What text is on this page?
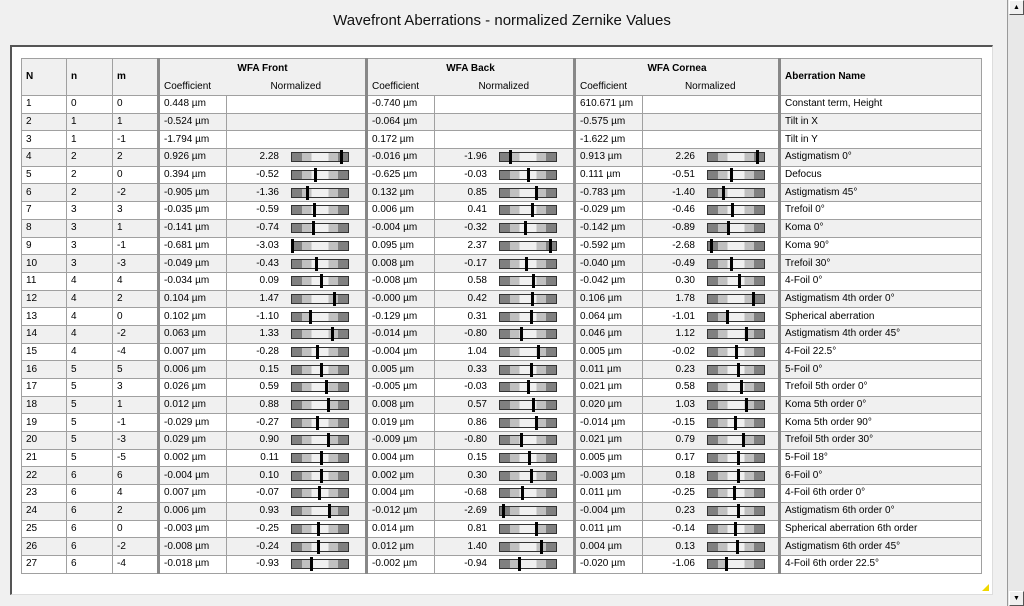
Wavefront Aberrations - normalized Zernike Values
N	n	m	WFA Front		WFA Back		WFA Cornea		Aberration Name
			Coefficient	Normalized	Coefficient	Normalized	Coefficient	Normalized	
1	0	0	0.448 µm		-0.740 µm		610.671 µm		Constant term, Height
2	1	1	-0.524 µm		-0.064 µm		-0.575 µm		Tilt in X
3	1	-1	-1.794 µm		0.172 µm		-1.622 µm		Tilt in Y
4	2	2	0.926 µm	2.28	-0.016 µm	-1.96	0.913 µm	2.26	Astigmatism 0°
5	2	0	0.394 µm	-0.52	-0.625 µm	-0.03	0.111 µm	-0.51	Defocus
6	2	-2	-0.905 µm	-1.36	0.132 µm	0.85	-0.783 µm	-1.40	Astigmatism 45°
7	3	3	-0.035 µm	-0.59	0.006 µm	0.41	-0.029 µm	-0.46	Trefoil 0°
8	3	1	-0.141 µm	-0.74	-0.004 µm	-0.32	-0.142 µm	-0.89	Koma 0°
9	3	-1	-0.681 µm	-3.03	0.095 µm	2.37	-0.592 µm	-2.68	Koma 90°
10	3	-3	-0.049 µm	-0.43	0.008 µm	-0.17	-0.040 µm	-0.49	Trefoil 30°
11	4	4	-0.034 µm	0.09	-0.008 µm	0.58	-0.042 µm	0.30	4-Foil 0°
12	4	2	0.104 µm	1.47	-0.000 µm	0.42	0.106 µm	1.78	Astigmatism 4th order 0°
13	4	0	0.102 µm	-1.10	-0.129 µm	0.31	0.064 µm	-1.01	Spherical aberration
14	4	-2	0.063 µm	1.33	-0.014 µm	-0.80	0.046 µm	1.12	Astigmatism 4th order 45°
15	4	-4	0.007 µm	-0.28	-0.004 µm	1.04	0.005 µm	-0.02	4-Foil 22.5°
16	5	5	0.006 µm	0.15	0.005 µm	0.33	0.011 µm	0.23	5-Foil 0°
17	5	3	0.026 µm	0.59	-0.005 µm	-0.03	0.021 µm	0.58	Trefoil 5th order 0°
18	5	1	0.012 µm	0.88	0.008 µm	0.57	0.020 µm	1.03	Koma 5th order 0°
19	5	-1	-0.029 µm	-0.27	0.019 µm	0.86	-0.014 µm	-0.15	Koma 5th order 90°
20	5	-3	0.029 µm	0.90	-0.009 µm	-0.80	0.021 µm	0.79	Trefoil 5th order 30°
21	5	-5	0.002 µm	0.11	0.004 µm	0.15	0.005 µm	0.17	5-Foil 18°
22	6	6	-0.004 µm	0.10	0.002 µm	0.30	-0.003 µm	0.18	6-Foil 0°
23	6	4	0.007 µm	-0.07	0.004 µm	-0.68	0.011 µm	-0.25	4-Foil 6th order 0°
24	6	2	0.006 µm	0.93	-0.012 µm	-2.69	-0.004 µm	0.23	Astigmatism 6th order 0°
25	6	0	-0.003 µm	-0.25	0.014 µm	0.81	0.011 µm	-0.14	Spherical aberration 6th order
26	6	-2	-0.008 µm	-0.24	0.012 µm	1.40	0.004 µm	0.13	Astigmatism 6th order 45°
27	6	-4	-0.018 µm	-0.93	-0.002 µm	-0.94	-0.020 µm	-1.06	4-Foil 6th order 22.5°
▲
▼
